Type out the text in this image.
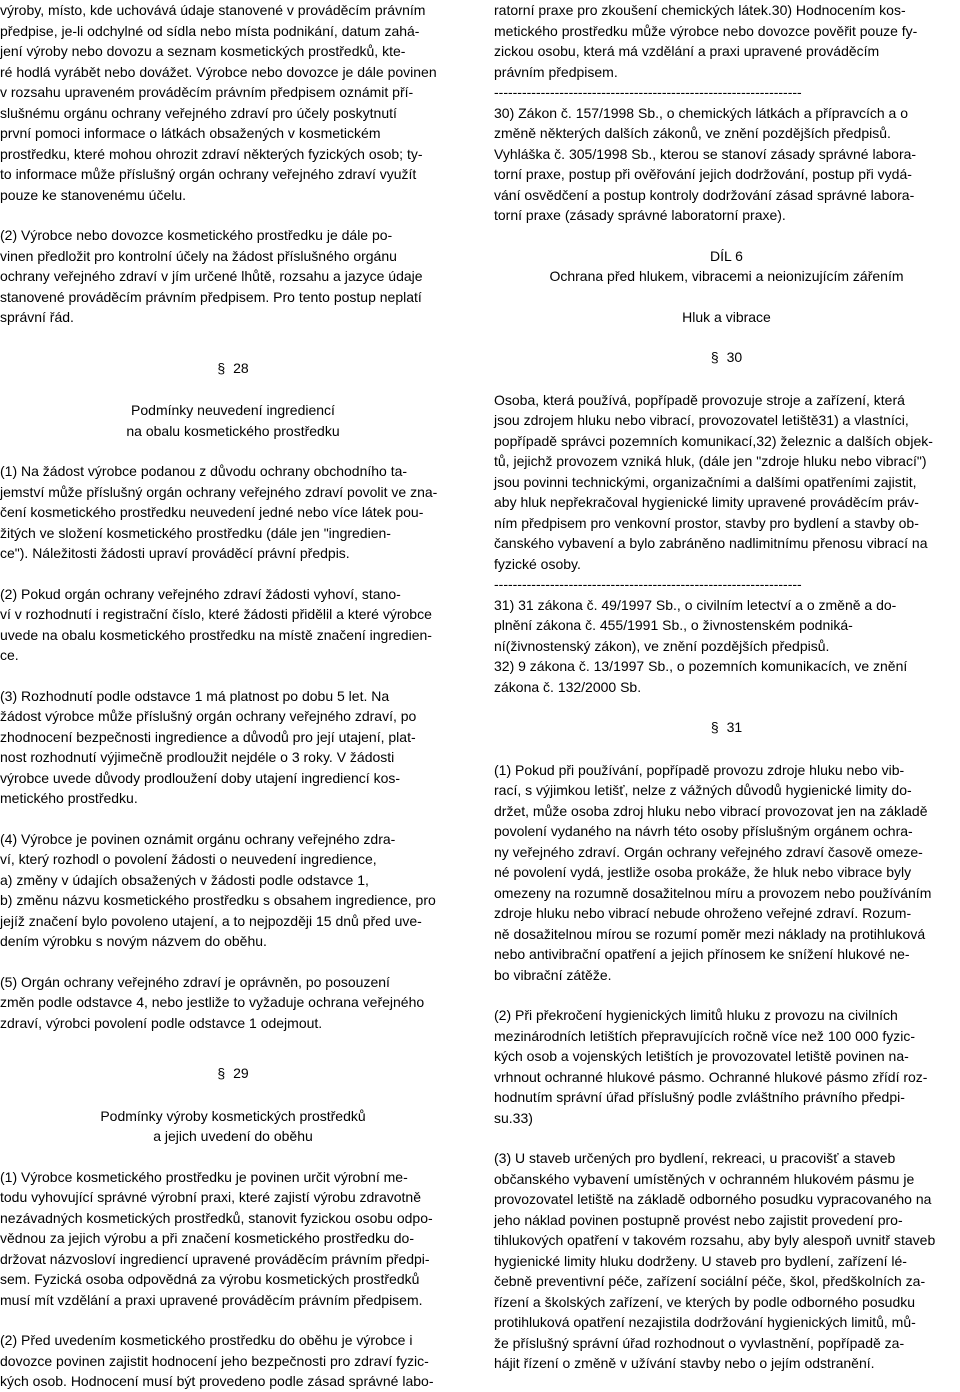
výroby, místo, kde uchovává údaje stanovené v prováděcím právním
předpise, je-li odchylné od sídla nebo místa podnikání, datum zahá-
jení výroby nebo dovozu a seznam kosmetických prostředků, kte-
ré hodlá vyrábět nebo dovážet. Výrobce nebo dovozce je dále povinen
v rozsahu upraveném prováděcím právním předpisem oznámit pří-
slušnému orgánu ochrany veřejného zdraví pro účely poskytnutí
první pomoci informace o látkách obsažených v kosmetickém
prostředku, které mohou ohrozit zdraví některých fyzických osob; ty-
to informace může příslušný orgán ochrany veřejného zdraví využít
pouze ke stanovenému účelu.

(2) Výrobce nebo dovozce kosmetického prostředku je dále po-
vinen předložit pro kontrolní účely na žádost příslušného orgánu
ochrany veřejného zdraví v jím určené lhůtě, rozsahu a jazyce údaje
stanovené prováděcím právním předpisem. Pro tento postup neplatí
správní řád.

§ 28

Podmínky neuvedení ingrediencí
na obalu kosmetického prostředku

(1) Na žádost výrobce podanou z důvodu ochrany obchodního ta-
jemství může příslušný orgán ochrany veřejného zdraví povolit ve zna-
čení kosmetického prostředku neuvedení jedné nebo více látek pou-
žitých ve složení kosmetického prostředku (dále jen "ingredien-
ce"). Náležitosti žádosti upraví prováděcí právní předpis.

(2) Pokud orgán ochrany veřejného zdraví žádosti vyhoví, stano-
ví v rozhodnutí i registrační číslo, které žádosti přidělil a které výrobce
uvede na obalu kosmetického prostředku na místě značení ingredien-
ce.

(3) Rozhodnutí podle odstavce 1 má platnost po dobu 5 let. Na
žádost výrobce může příslušný orgán ochrany veřejného zdraví, po
zhodnocení bezpečnosti ingredience a důvodů pro její utajení, plat-
nost rozhodnutí výjimečně prodloužit nejdéle o 3 roky. V žádosti
výrobce uvede důvody prodloužení doby utajení ingrediencí kos-
metického prostředku.

(4) Výrobce je povinen oznámit orgánu ochrany veřejného zdra-
ví, který rozhodl o povolení žádosti o neuvedení ingredience,
a) změny v údajích obsažených v žádosti podle odstavce 1,
b) změnu názvu kosmetického prostředku s obsahem ingredience, pro
jejíž značení bylo povoleno utajení, a to nejpozději 15 dnů před uve-
dením výrobku s novým názvem do oběhu.

(5) Orgán ochrany veřejného zdraví je oprávněn, po posouzení
změn podle odstavce 4, nebo jestliže to vyžaduje ochrana veřejného
zdraví, výrobci povolení podle odstavce 1 odejmout.

§ 29

Podmínky výroby kosmetických prostředků
a jejich uvedení do oběhu

(1) Výrobce kosmetického prostředku je povinen určit výrobní me-
todu vyhovující správné výrobní praxi, které zajistí výrobu zdravotně
nezávadných kosmetických prostředků, stanovit fyzickou osobu odpo-
vědnou za jejich výrobu a při značení kosmetického prostředku do-
držovat názvosloví ingrediencí upravené prováděcím právním předpi-
sem. Fyzická osoba odpovědná za výrobu kosmetických prostředků
musí mít vzdělání a praxi upravené prováděcím právním předpisem.

(2) Před uvedením kosmetického prostředku do oběhu je výrobce i
dovozce povinen zajistit hodnocení jeho bezpečnosti pro zdraví fyzic-
kých osob. Hodnocení musí být provedeno podle zásad správné labo-

ratorní praxe pro zkoušení chemických látek.30) Hodnocením kos-
metického prostředku může výrobce nebo dovozce pověřit pouze fy-
zickou osobu, která má vzdělání a praxi upravené prováděcím
právním předpisem.

------------------------------------------------------------------

30) Zákon č. 157/1998 Sb., o chemických látkách a přípravcích a o
změně některých dalších zákonů, ve znění pozdějších předpisů.
Vyhláška č. 305/1998 Sb., kterou se stanoví zásady správné labora-
torní praxe, postup při ověřování jejich dodržování, postup při vydá-
vání osvědčení a postup kontroly dodržování zásad správné labora-
torní praxe (zásady správné laboratorní praxe).

DÍL 6

Ochrana před hlukem, vibracemi a neionizujícím zářením

Hluk a vibrace

§ 30

Osoba, která používá, popřípadě provozuje stroje a zařízení, která
jsou zdrojem hluku nebo vibrací, provozovatel letiště31) a vlastníci,
popřípadě správci pozemních komunikací,32) železnic a dalších objek-
tů, jejichž provozem vzniká hluk, (dále jen "zdroje hluku nebo vibrací")
jsou povinni technickými, organizačními a dalšími opatřeními zajistit,
aby hluk nepřekračoval hygienické limity upravené prováděcím práv-
ním předpisem pro venkovní prostor, stavby pro bydlení a stavby ob-
čanského vybavení a bylo zabráněno nadlimitnímu přenosu vibrací na
fyzické osoby.

------------------------------------------------------------------

31) 31 zákona č. 49/1997 Sb., o civilním letectví a o změně a do-
plnění zákona č. 455/1991 Sb., o živnostenském podniká-
ní(živnostenský zákon), ve znění pozdějších předpisů.
32) 9 zákona č. 13/1997 Sb., o pozemních komunikacích, ve znění
zákona č. 132/2000 Sb.

§ 31

(1) Pokud při používání, popřípadě provozu zdroje hluku nebo vib-
rací, s výjimkou letišť, nelze z vážných důvodů hygienické limity do-
držet, může osoba zdroj hluku nebo vibrací provozovat jen na základě
povolení vydaného na návrh této osoby příslušným orgánem ochra-
ny veřejného zdraví. Orgán ochrany veřejného zdraví časově omeze-
né povolení vydá, jestliže osoba prokáže, že hluk nebo vibrace byly
omezeny na rozumně dosažitelnou míru a provozem nebo používáním
zdroje hluku nebo vibrací nebude ohroženo veřejné zdraví. Rozum-
ně dosažitelnou mírou se rozumí poměr mezi náklady na protihluková
nebo antivibrační opatření a jejich přínosem ke snížení hlukové ne-
bo vibrační zátěže.

(2) Při překročení hygienických limitů hluku z provozu na civilních
mezinárodních letištích přepravujících ročně více než 100 000 fyzic-
kých osob a vojenských letištích je provozovatel letiště povinen na-
vrhnout ochranné hlukové pásmo. Ochranné hlukové pásmo zřídí roz-
hodnutím správní úřad příslušný podle zvláštního právního předpi-
su.33)

(3) U staveb určených pro bydlení, rekreaci, u pracovišť a staveb
občanského vybavení umístěných v ochranném hlukovém pásmu je
provozovatel letiště na základě odborného posudku vypracovaného na
jeho náklad povinen postupně provést nebo zajistit provedení pro-
tihlukových opatření v takovém rozsahu, aby byly alespoň uvnitř staveb
hygienické limity hluku dodrženy. U staveb pro bydlení, zařízení lé-
čebně preventivní péče, zařízení sociální péče, škol, předškolních za-
řízení a školských zařízení, ve kterých by podle odborného posudku
protihluková opatření nezajistila dodržování hygienických limitů, mů-
že příslušný správní úřad rozhodnout o vyvlastnění, popřípadě za-
hájit řízení o změně v užívání stavby nebo o jejím odstranění.
